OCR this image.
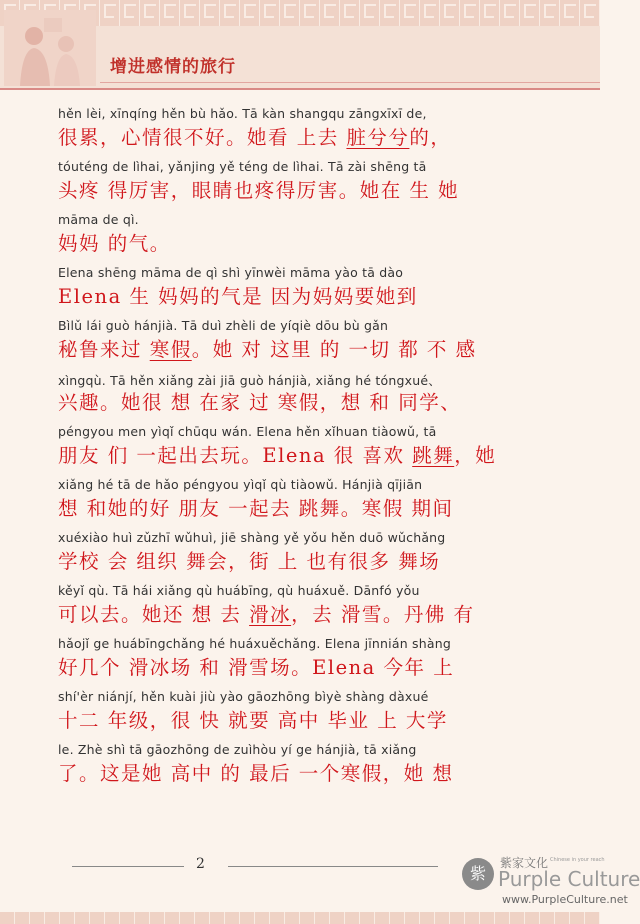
增进感情的旅行
hěn lèi, xīnqíng hěn bù hǎo. Tā kàn shangqu zāngxīxī de,
很累，心情很不好。她看 上去 脏兮兮的，
tóuténg de lìhai, yǎnjing yě téng de lìhai. Tā zài shēng tā
头疼 得厉害，眼睛也疼得厉害。她在 生 她
māma de qì.
妈妈 的气。
Elena shēng māma de qì shì yīnwèi māma yào tā dào
Elena 生 妈妈的气是 因为妈妈要她到
Bìlǔ lái guò hánjià. Tā duì zhèli de yíqiè dōu bù gǎn
秘鲁来过 寒假。她 对 这里 的 一切 都 不 感
xìngqù. Tā hěn xiǎng zài jiā guò hánjià, xiǎng hé tóngxué、
兴趣。她很 想 在家 过 寒假，想 和 同学、
péngyou men yìqǐ chūqu wán. Elena hěn xǐhuan tiàowǔ, tā
朋友 们 一起出去玩。Elena 很 喜欢 跳舞，她
xiǎng hé tā de hǎo péngyou yìqǐ qù tiàowǔ. Hánjià qījiān
想 和她的好 朋友 一起去 跳舞。寒假 期间
xuéxiào huì zǔzhī wǔhuì, jiē shàng yě yǒu hěn duō wǔchǎng
学校 会 组织 舞会，街 上 也有很多 舞场
kěyǐ qù. Tā hái xiǎng qù huábīng, qù huáxuě. Dānfó yǒu
可以去。她还 想 去 滑冰，去 滑雪。丹佛 有
hǎojǐ ge huábīngchǎng hé huáxuěchǎng. Elena jīnnián shàng
好几个 滑冰场 和 滑雪场。Elena 今年 上
shí'èr niánjí, hěn kuài jiù yào gāozhōng bìyè shàng dàxué
十二 年级，很 快 就要 高中 毕业 上 大学
le. Zhè shì tā gāozhōng de zuìhòu yí ge hánjià, tā xiǎng
了。这是她 高中 的 最后 一个寒假，她 想
2	紫
紫家文化 Chinese in your reach
Purple Culture
www.PurpleCulture.net
